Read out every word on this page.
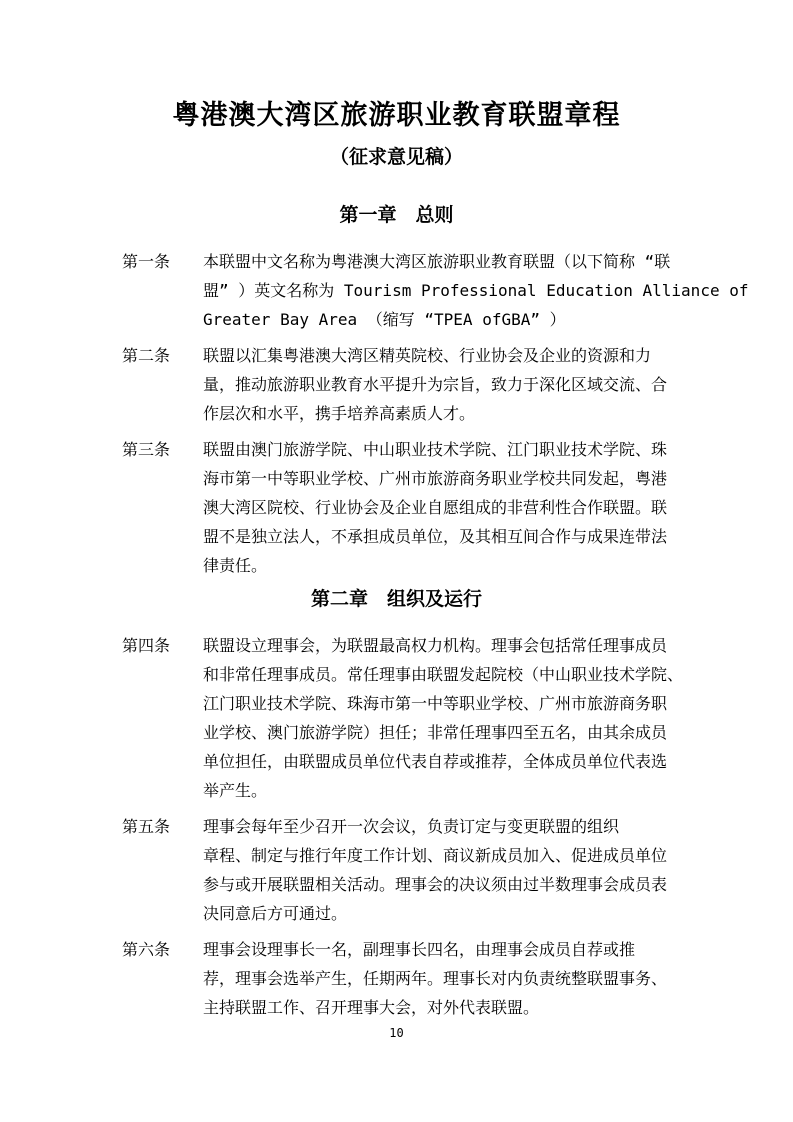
粤港澳大湾区旅游职业教育联盟章程
（征求意见稿）
第一章　总则
第一条	本联盟中文名称为粤港澳大湾区旅游职业教育联盟（以下简称 “联
盟” ）英文名称为 Tourism Professional Education Alliance of
Greater Bay Area （缩写 “TPEA ofGBA” ）
第二条	联盟以汇集粤港澳大湾区精英院校、行业协会及企业的资源和力
量，推动旅游职业教育水平提升为宗旨，致力于深化区域交流、合
作层次和水平，携手培养高素质人才。
第三条	联盟由澳门旅游学院、中山职业技术学院、江门职业技术学院、珠
海市第一中等职业学校、广州市旅游商务职业学校共同发起，粤港
澳大湾区院校、行业协会及企业自愿组成的非营利性合作联盟。联
盟不是独立法人，不承担成员单位，及其相互间合作与成果连带法
律责任。
第二章　组织及运行
第四条	联盟设立理事会，为联盟最高权力机构。理事会包括常任理事成员
和非常任理事成员。常任理事由联盟发起院校（中山职业技术学院、
江门职业技术学院、珠海市第一中等职业学校、广州市旅游商务职
业学校、澳门旅游学院）担任；非常任理事四至五名，由其余成员
单位担任，由联盟成员单位代表自荐或推荐，全体成员单位代表选
举产生。
第五条	理事会每年至少召开一次会议，负责订定与变更联盟的组织
章程、制定与推行年度工作计划、商议新成员加入、促进成员单位
参与或开展联盟相关活动。理事会的决议须由过半数理事会成员表
决同意后方可通过。
第六条	理事会设理事长一名，副理事长四名，由理事会成员自荐或推
荐，理事会选举产生，任期两年。理事长对内负责统整联盟事务、
主持联盟工作、召开理事大会，对外代表联盟。
10
